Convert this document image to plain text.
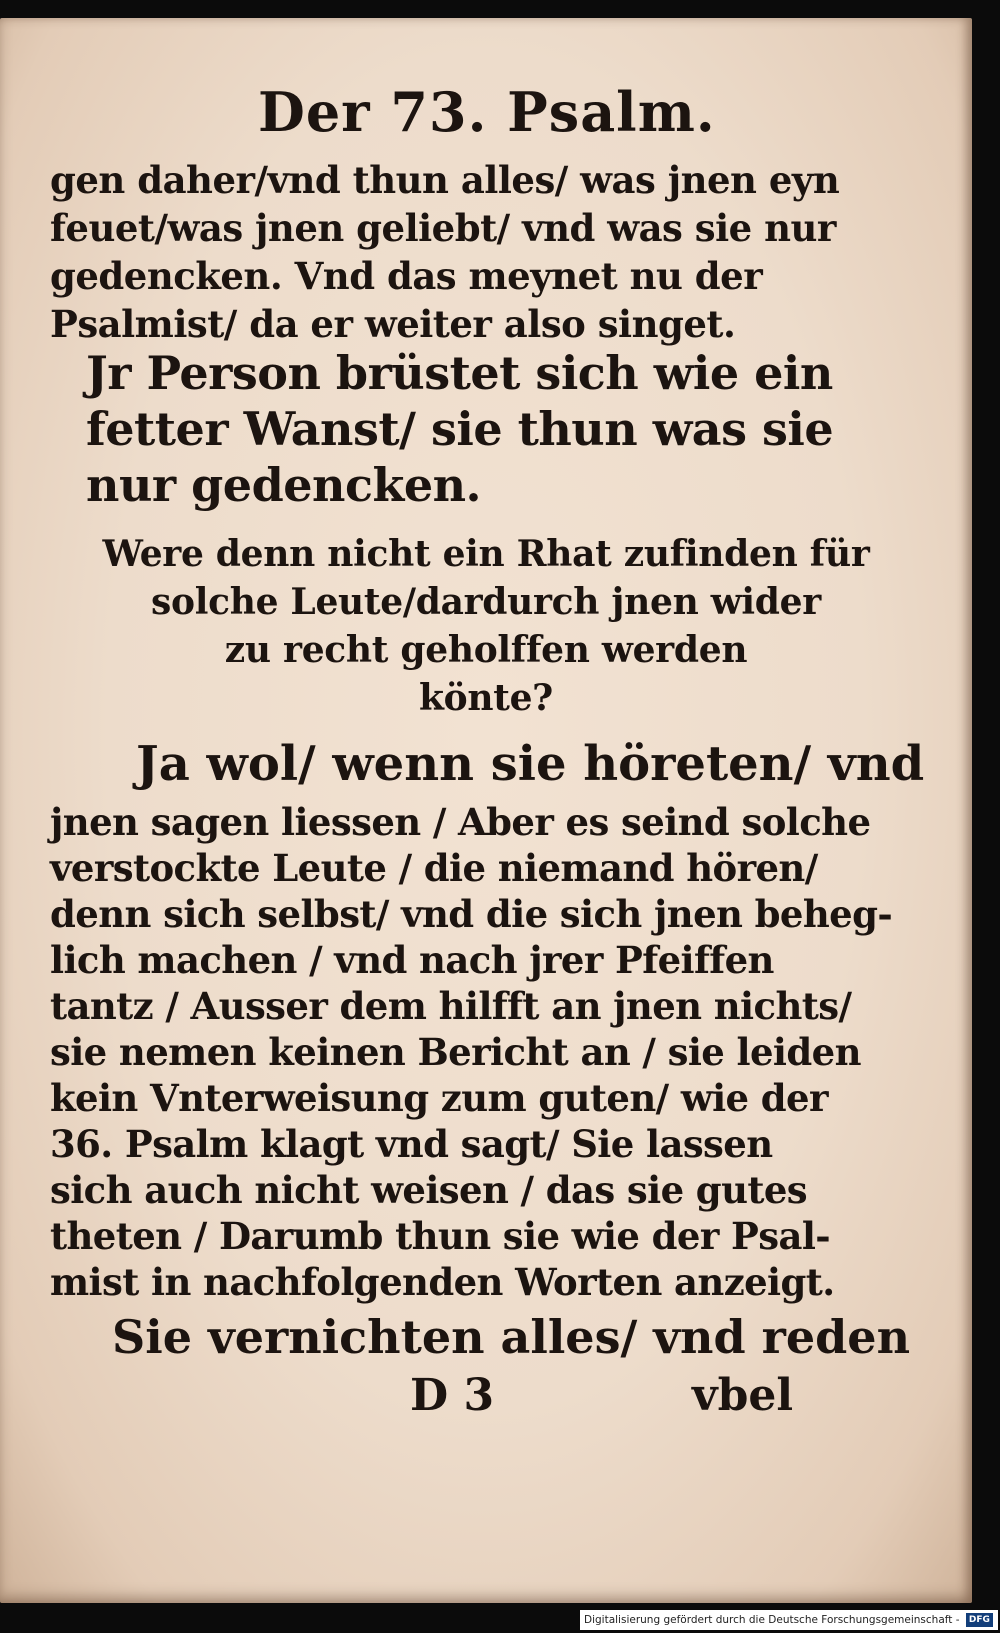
Der 73. Psalm.

gen daher/vnd thun alles/ was jnen eyn

feuet/was jnen geliebt/ vnd was sie nur

gedencken. Vnd das meynet nu der

Psalmist/ da er weiter also singet.

Jr Person brüstet sich wie ein

fetter Wanst/ sie thun was sie

nur gedencken.

Were denn nicht ein Rhat zufinden für

solche Leute/dardurch jnen wider

zu recht geholffen werden

könte?

Ja wol/ wenn sie höreten/ vnd

jnen sagen liessen / Aber es seind solche

verstockte Leute / die niemand hören/

denn sich selbst/ vnd die sich jnen beheg-

lich machen / vnd nach jrer Pfeiffen

tantz / Ausser dem hilfft an jnen nichts/

sie nemen keinen Bericht an / sie leiden

kein Vnterweisung zum guten/ wie der

36. Psalm klagt vnd sagt/ Sie lassen

sich auch nicht weisen / das sie gutes

theten / Darumb thun sie wie der Psal-

mist in nachfolgenden Worten anzeigt.

Sie vernichten alles/ vnd reden

D 3	vbel

Digitalisierung gefördert durch die Deutsche Forschungsgemeinschaft - DFG
